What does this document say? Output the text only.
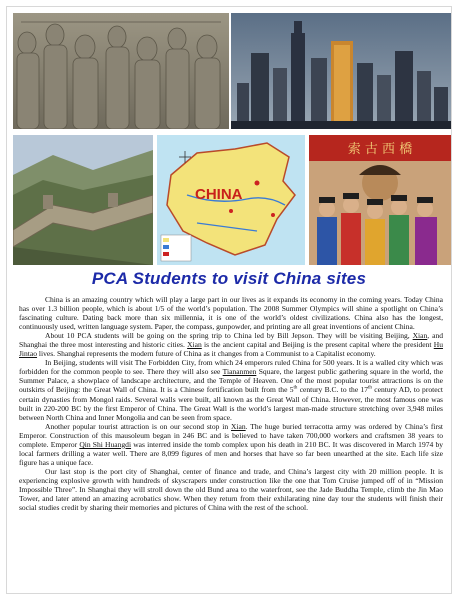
CHINA
索 古 西 橋
PCA Students to visit China sites

China is an amazing country which will play a large part in our lives as it expands its economy in the coming years. Today China has over 1.3 billion people, which is about 1/5 of the world’s population. The 2008 Summer Olympics will shine a spotlight on China’s fascinating culture. Dating back more than six millennia, it is one of the world’s oldest civilizations. China also has the longest, continuously used, written language system. Paper, the compass, gunpowder, and printing are all great inventions of ancient China.

About 10 PCA students will be going on the spring trip to China led by Bill Jepson. They will be visiting Beijing, Xian, and Shanghai the three most interesting and historic cities. Xian is the ancient capital and Beijing is the present capital where the president Hu Jintao lives. Shanghai represents the modern future of China as it changes from a Communist to a Capitalist economy.

In Beijing, students will visit The Forbidden City, from which 24 emperors ruled China for 500 years. It is a walled city which was forbidden for the common people to see. There they will also see Tiananmen Square, the largest public gathering square in the world, the Summer Palace, a showplace of landscape architecture, and the Temple of Heaven. One of the most popular tourist attractions is on the outskirts of Beijing: the Great Wall of China. It is a Chinese fortification built from the 5th century B.C. to the 17th century AD, to protect certain dynasties from Mongol raids. Several walls were built, all known as the Great Wall of China. However, the most famous one was built in 220-200 BC by the first Emperor of China. The Great Wall is the world’s largest man-made structure stretching over 3,948 miles between North China and Inner Mongolia and can be seen from space.

Another popular tourist attraction is on our second stop in Xian. The huge buried terracotta army was ordered by China’s first Emperor. Construction of this mausoleum began in 246 BC and is believed to have taken 700,000 workers and craftsmen 38 years to complete. Emperor Qin Shi Huangdi was interred inside the tomb complex upon his death in 210 BC. It was discovered in March 1974 by local farmers drilling a water well. There are 8,099 figures of men and horses that have so far been unearthed at the site. Each life size figure has a unique face.

Our last stop is the port city of Shanghai, center of finance and trade, and China’s largest city with 20 million people. It is experiencing explosive growth with hundreds of skyscrapers under construction like the one that Tom Cruise jumped off of in “Mission Impossible Three”. In Shanghai they will stroll down the old Bund area to the waterfront, see the Jade Buddha Temple, climb the Jin Mao Tower, and later attend an amazing acrobatics show. When they return from their exhilarating nine day tour the students will finish their social studies credit by sharing their memories and pictures of China with the rest of the school.
